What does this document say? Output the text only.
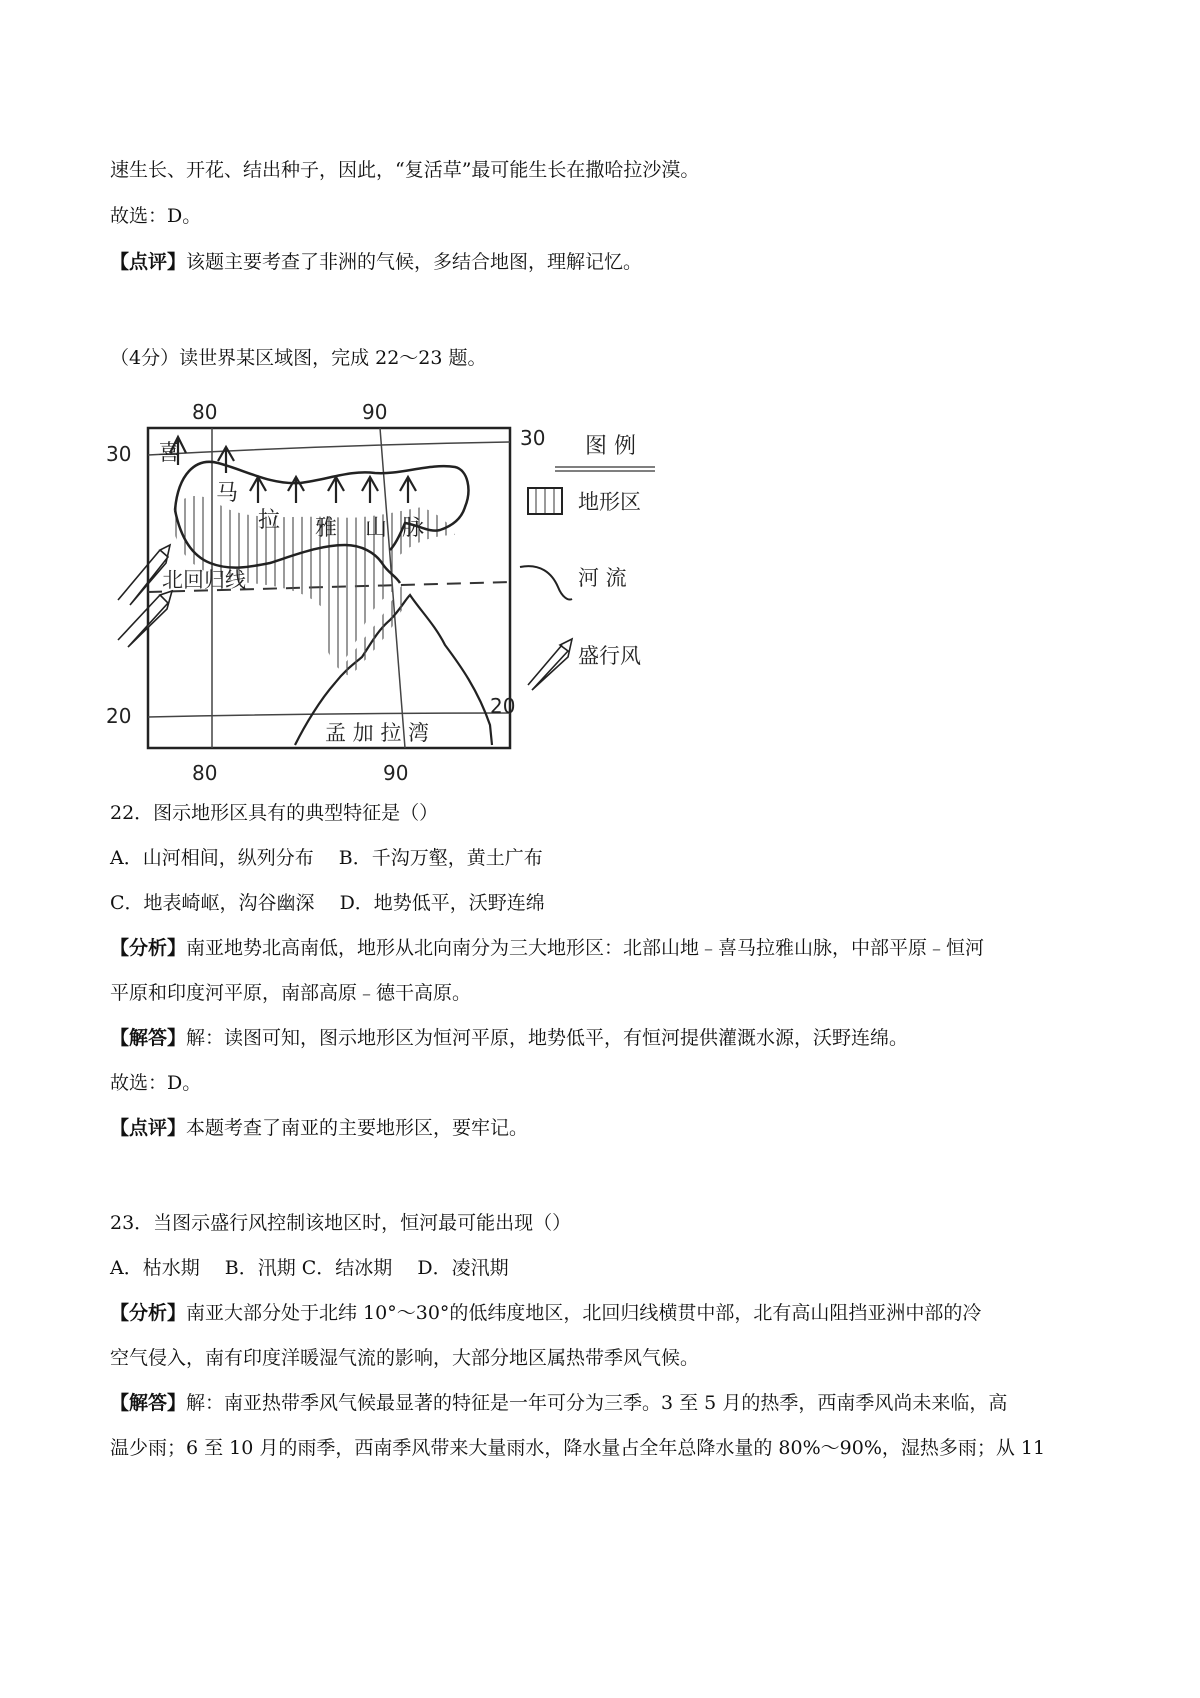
速生长、开花、结出种子，因此，“复活草”最可能生长在撒哈拉沙漠。
故选：D。
【点评】该题主要考查了非洲的气候，多结合地图，理解记忆。
（4分）读世界某区域图，完成 22～23 题。
喜
马
拉 雅 山 脉
北回归线
孟 加 拉 湾
80	90
80	90
30
20
30
20
图 例
地形区
河 流
盛行风
22．图示地形区具有的典型特征是（）
A．山河相间，纵列分布　 B．千沟万壑，黄土广布
C．地表崎岖，沟谷幽深　 D．地势低平，沃野连绵
【分析】南亚地势北高南低，地形从北向南分为三大地形区：北部山地﹣喜马拉雅山脉，中部平原﹣恒河
平原和印度河平原，南部高原﹣德干高原。
【解答】解：读图可知，图示地形区为恒河平原，地势低平，有恒河提供灌溉水源，沃野连绵。
故选：D。
【点评】本题考查了南亚的主要地形区，要牢记。
23．当图示盛行风控制该地区时，恒河最可能出现（）
A．枯水期　 B．汛期 C．结冰期　 D．凌汛期
【分析】南亚大部分处于北纬 10°～30°的低纬度地区，北回归线横贯中部，北有高山阻挡亚洲中部的冷
空气侵入，南有印度洋暖湿气流的影响，大部分地区属热带季风气候。
【解答】解：南亚热带季风气候最显著的特征是一年可分为三季。3 至 5 月的热季，西南季风尚未来临，高
温少雨；6 至 10 月的雨季，西南季风带来大量雨水，降水量占全年总降水量的 80%～90%，湿热多雨；从 11
